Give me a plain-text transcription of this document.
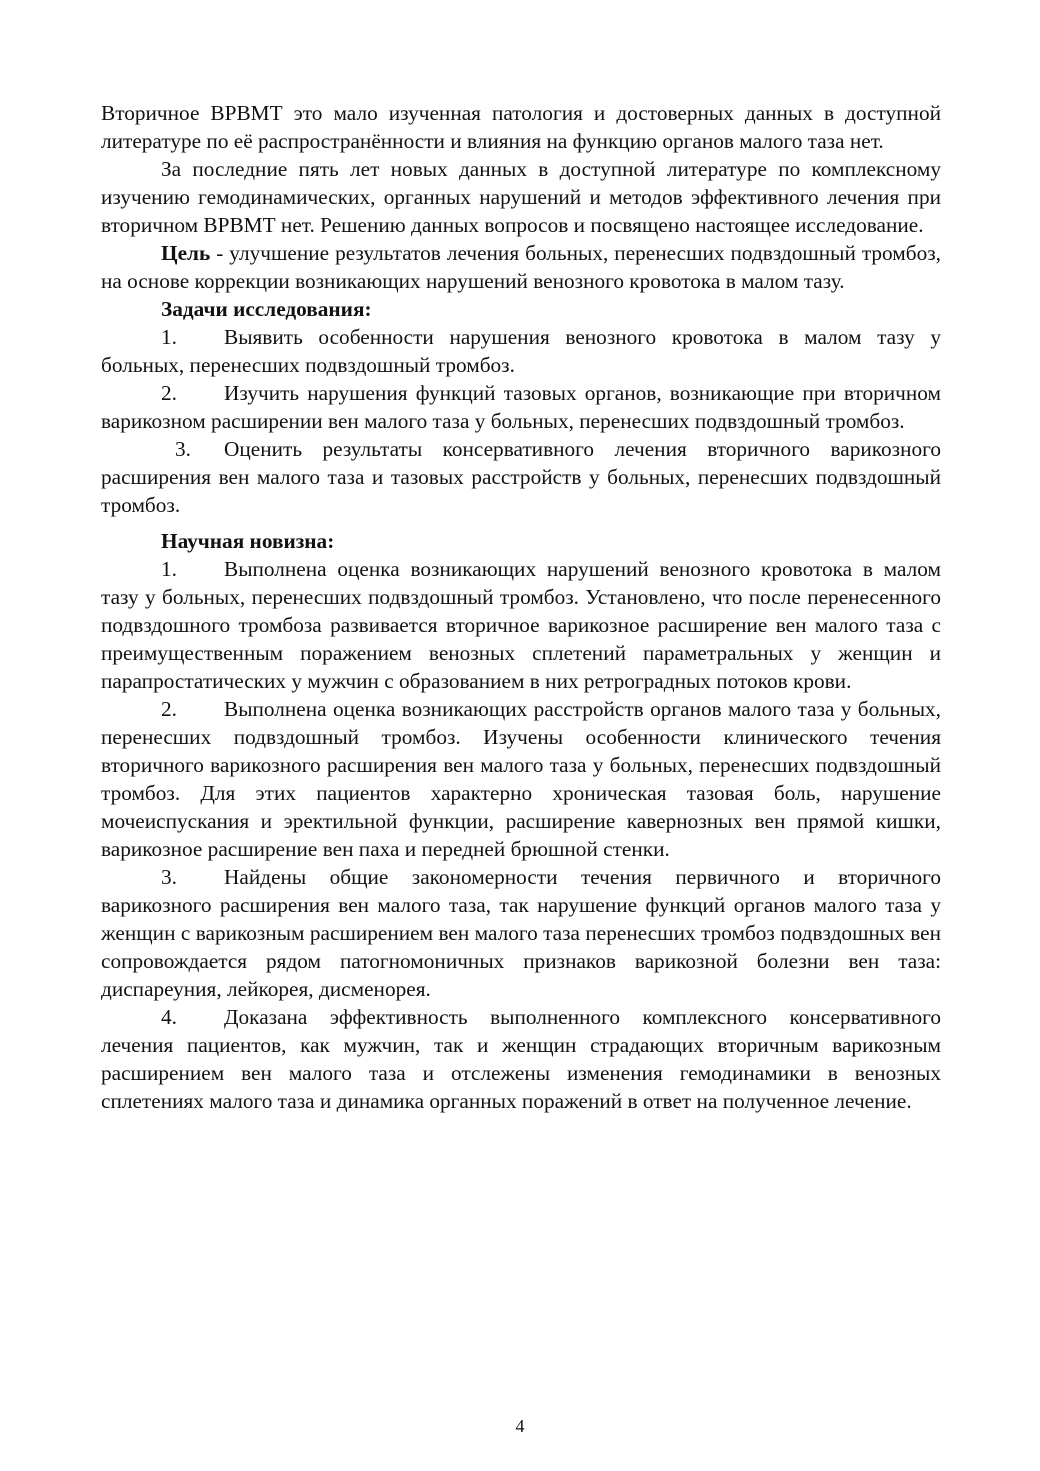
Вторичное ВРВМТ это мало изученная патология и достоверных данных в доступной литературе по её распространённости и влияния на функцию органов малого таза нет.

За последние пять лет новых данных в доступной литературе по комплексному изучению гемодинамических, органных нарушений и методов эффективного лечения при вторичном ВРВМТ нет. Решению данных вопросов и посвящено настоящее исследование.

Цель - улучшение результатов лечения больных, перенесших подвздошный тромбоз, на основе коррекции возникающих нарушений венозного кровотока в малом тазу.

Задачи исследования:

1. Выявить особенности нарушения венозного кровотока в малом тазу у больных, перенесших подвздошный тромбоз.

2. Изучить нарушения функций тазовых органов, возникающие при вторичном варикозном расширении вен малого таза у больных, перенесших подвздошный тромбоз.

3. Оценить результаты консервативного лечения вторичного варикозного расширения вен малого таза и тазовых расстройств у больных, перенесших подвздошный тромбоз.

Научная новизна:

1. Выполнена оценка возникающих нарушений венозного кровотока в малом тазу у больных, перенесших подвздошный тромбоз. Установлено, что после перенесенного подвздошного тромбоза развивается вторичное варикозное расширение вен малого таза с преимущественным поражением венозных сплетений параметральных у женщин и парапростатических у мужчин с образованием в них ретроградных потоков крови.

2. Выполнена оценка возникающих расстройств органов малого таза у больных, перенесших подвздошный тромбоз. Изучены особенности клинического течения вторичного варикозного расширения вен малого таза у больных, перенесших подвздошный тромбоз. Для этих пациентов характерно хроническая тазовая боль, нарушение мочеиспускания и эректильной функции, расширение кавернозных вен прямой кишки, варикозное расширение вен паха и передней брюшной стенки.

3. Найдены общие закономерности течения первичного и вторичного варикозного расширения вен малого таза, так нарушение функций органов малого таза у женщин с варикозным расширением вен малого таза перенесших тромбоз подвздошных вен сопровождается рядом патогномоничных признаков варикозной болезни вен таза: диспареуния, лейкорея, дисменорея.

4. Доказана эффективность выполненного комплексного консервативного лечения пациентов, как мужчин, так и женщин страдающих вторичным варикозным расширением вен малого таза и отслежены изменения гемодинамики в венозных сплетениях малого таза и динамика органных поражений в ответ на полученное лечение.

4
